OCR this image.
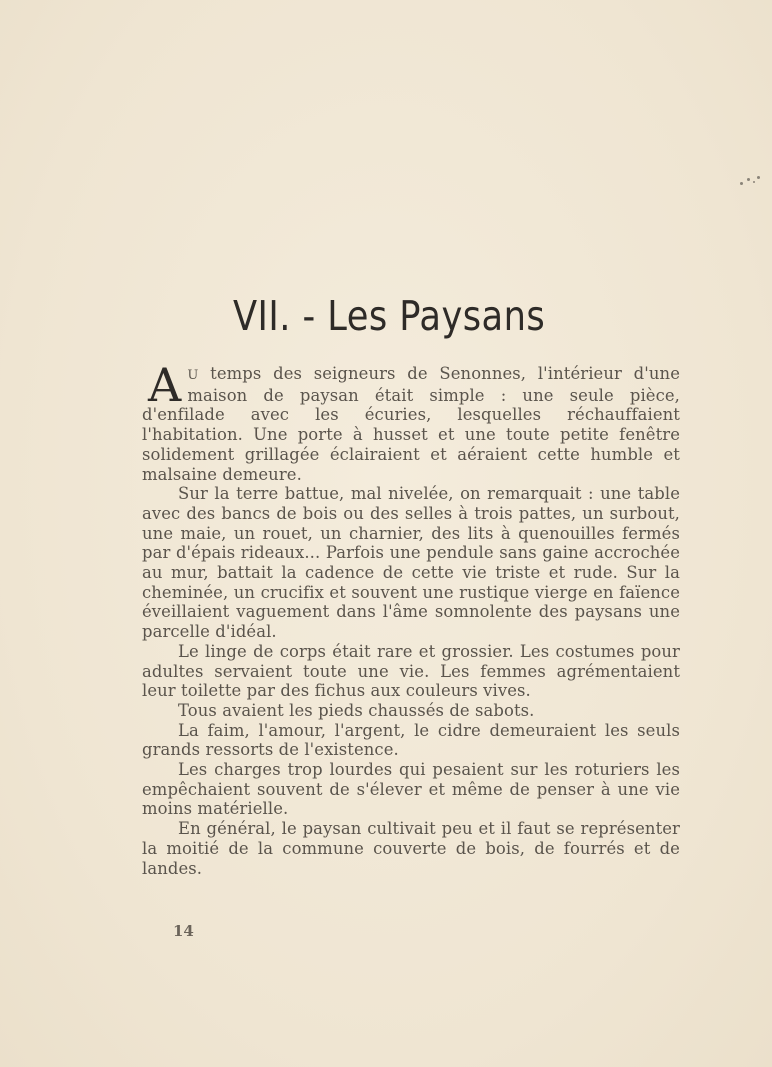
VII. - Les Paysans

AU temps des seigneurs de Senonnes, l'intérieur d'une maison de paysan était simple : une seule pièce, d'enfilade avec les écuries, lesquelles réchauffaient l'habitation. Une porte à husset et une toute petite fenêtre solidement grillagée éclairaient et aéraient cette humble et malsaine demeure.

Sur la terre battue, mal nivelée, on remarquait : une table avec des bancs de bois ou des selles à trois pattes, un surbout, une maie, un rouet, un charnier, des lits à quenouilles fermés par d'épais rideaux... Parfois une pendule sans gaine accrochée au mur, battait la cadence de cette vie triste et rude. Sur la cheminée, un crucifix et souvent une rustique vierge en faïence éveillaient vaguement dans l'âme somnolente des paysans une parcelle d'idéal.

Le linge de corps était rare et grossier. Les costumes pour adultes servaient toute une vie. Les femmes agrémentaient leur toilette par des fichus aux couleurs vives.

Tous avaient les pieds chaussés de sabots.

La faim, l'amour, l'argent, le cidre demeuraient les seuls grands ressorts de l'existence.

Les charges trop lourdes qui pesaient sur les roturiers les empêchaient souvent de s'élever et même de penser à une vie moins matérielle.

En général, le paysan cultivait peu et il faut se représenter la moitié de la commune couverte de bois, de fourrés et de landes.

14
